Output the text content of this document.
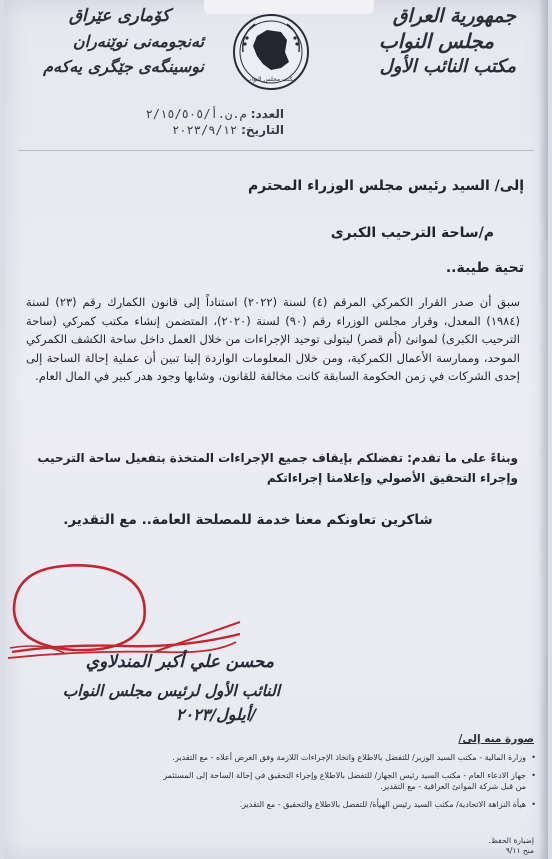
جمهورية العراق
مجلس النواب
مكتب النائب الأول
مكتب مجلس النواب
كۆماری عێراق
ئه‌نجومه‌نی نوێنه‌ران
نوسینگه‌ی جێگری یه‌كه‌م
العدد:
م.ن.أ/٢/١٥/٥٠٥
التاريخ:
٢٠٢٣/٩/١٢
إلى/ السيد رئيس مجلس الوزراء المحترم
م/ساحة الترحيب الكبرى
تحية طيبة..
سبق أن صدر القرار الكمركي المرقم (٤) لسنة (٢٠٢٢) استناداً إلى قانون الكمارك رقم (٢٣) لسنة (١٩٨٤) المعدل، وقرار مجلس الوزراء رقم (٩٠) لسنة (٢٠٢٠)، المتضمن إنشاء مكتب كمركي (ساحة الترحيب الكبرى) لموانئ (أم قصر) ليتولى توحيد الإجراءات من خلال العمل داخل ساحة الكشف الكمركي الموحد، وممارسة الأعمال الكمركية، ومن خلال المعلومات الواردة إلينا تبين أن عملية إحالة الساحة إلى إحدى الشركات في زمن الحكومة السابقة كانت مخالفة للقانون، وشابها وجود هدر كبير في المال العام.
وبناءً على ما تقدم: تفضلكم بإيقاف جميع الإجراءات المتخذة بتفعيل ساحة الترحيب وإجراء التحقيق الأصولي وإعلامنا إجراءاتكم
شاكرين تعاونكم معنا خدمة للمصلحة العامة.. مع التقدير.
محسن علي أكبر المندلاوي
النائب الأول لرئيس مجلس النواب
/أيلول/٢٠٢٣
صورة منه إلى/
• وزارة المالية - مكتب السيد الوزير/ للتفضل بالاطلاع واتخاذ الإجراءات اللازمة وفق الغرض أعلاه - مع التقدير.
• جهاز الادعاء العام - مكتب السيد رئيس الجهاز/ للتفضل بالاطلاع وإجراء التحقيق في إحالة الساحة إلى المستثمر من قبل شركة الموانئ العراقية - مع التقدير.
• هيأة النزاهة الاتحادية/ مكتب السيد رئيس الهيأة/ للتفضل بالاطلاع والتحقيق - مع التقدير.
إضبارة الحفظ.
منح ٩/١١
